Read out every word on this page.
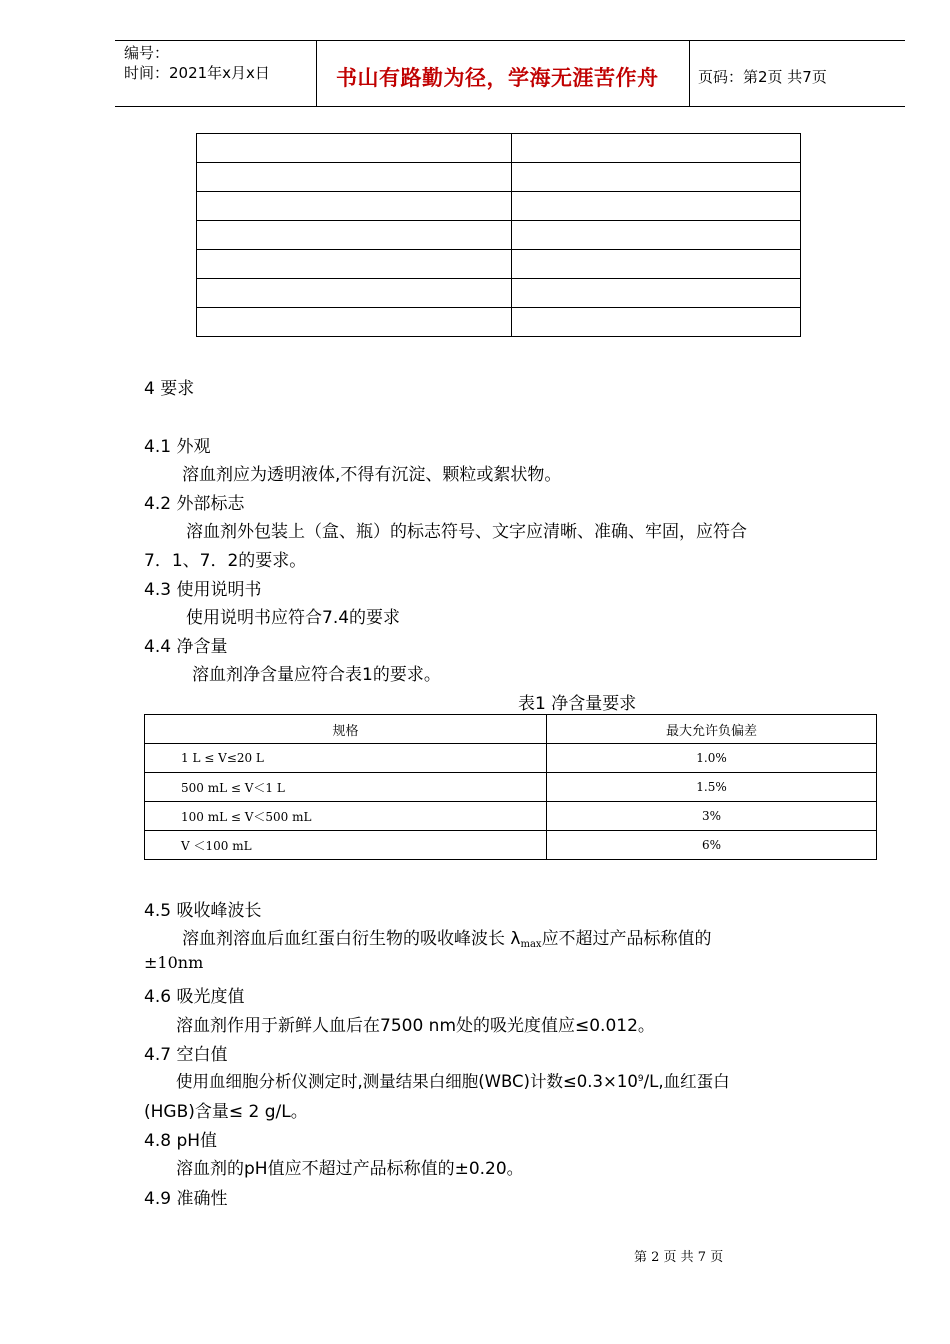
编号：
时间：2021年x月x日	书山有路勤为径，学海无涯苦作舟	页码：第2页 共7页

4 要求
4.1 外观
溶血剂应为透明液体,不得有沉淀、颗粒或絮状物。
4.2 外部标志
溶血剂外包装上（盒、瓶）的标志符号、文字应清晰、准确、牢固，应符合
7．1、7．2的要求。
4.3 使用说明书
使用说明书应符合7.4的要求
4.4 净含量
溶血剂净含量应符合表1的要求。
表1 净含量要求
规格	最大允许负偏差
1 L ≤ V≤20 L	1.0%
500 mL ≤ V＜1 L	1.5%
100 mL ≤ V＜500 mL	3%
V ＜100 mL	6%
4.5 吸收峰波长
溶血剂溶血后血红蛋白衍生物的吸收峰波长 $\lambda_{max}$应不超过产品标称值的
±10nm
4.6 吸光度值
溶血剂作用于新鲜人血后在7500 nm处的吸光度值应≤0.012。
4.7 空白值
使用血细胞分析仪测定时,测量结果白细胞(WBC)计数$\le 0.3\times 10^9/L$,血红蛋白
(HGB)含量≤ 2 g/L。
4.8 pH值
溶血剂的pH值应不超过产品标称值的±0.20。
4.9 准确性
第 2 页 共 7 页
